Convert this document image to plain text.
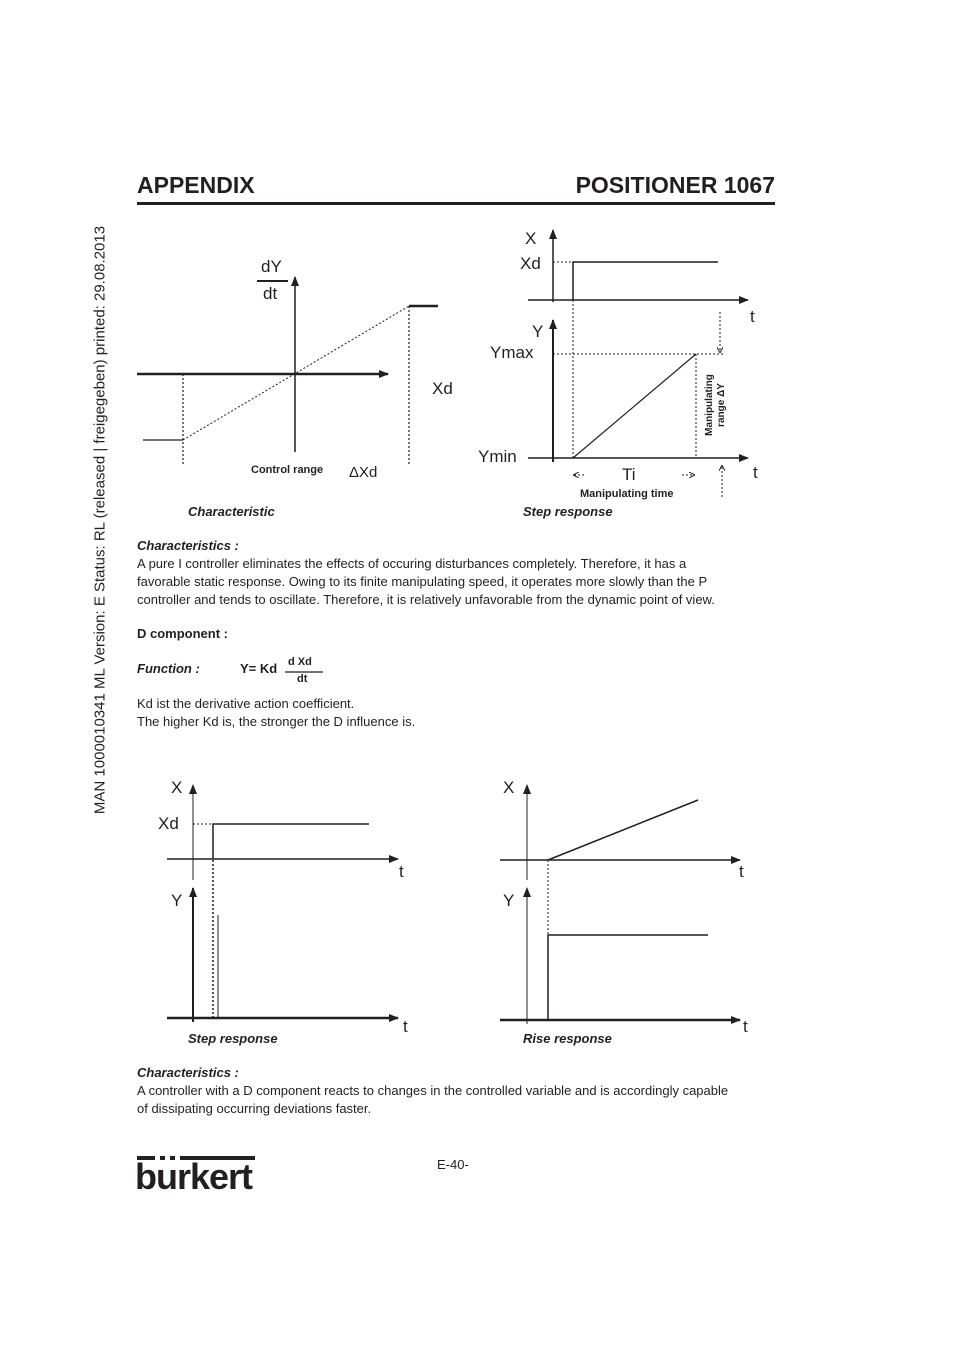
MAN 1000010341 ML Version: E Status: RL (released | freigegeben) printed: 29.08.2013
APPENDIX	POSITIONER 1067
dY
dt
Xd
Control range ΔXd
Characteristic
X
Xd
t
Y
Ymax
Ymin
t
Ti
Manipulating time
Manipulating range ΔY
Step response
X
Xd
t
Y
t
Step response
X
t
Y
t
Rise response
burkert
Characteristics :
A pure I controller eliminates the effects of occuring disturbances completely. Therefore, it has a
favorable static response. Owing to its finite manipulating speed, it operates more slowly than the P
controller and tends to oscillate. Therefore, it is relatively unfavorable from the dynamic point of view.
D component :
Function :	Y= Kd d Xd
dt
Kd ist the derivative action coefficient.
The higher Kd is, the stronger the D influence is.
Characteristics :
A controller with a D component reacts to changes in the controlled variable and is accordingly capable
of dissipating occurring deviations faster.
E-40-
